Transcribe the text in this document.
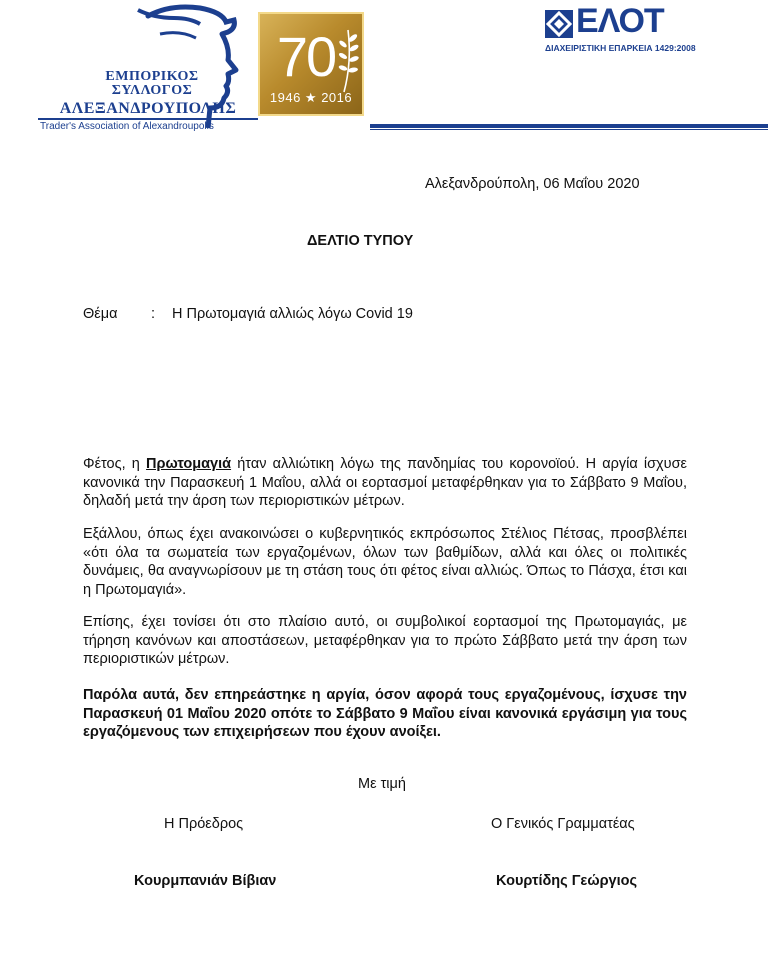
ΕΜΠΟΡΙΚΟΣ
ΣΥΛΛΟΓΟΣ
ΑΛΕΞΑΝΔΡΟΥΠΟΛΗΣ
Trader's Association of Alexandroupolis
70
1946 ★ 2016
ΕΛΟΤ
ΔΙΑΧΕΙΡΙΣΤΙΚΗ ΕΠΑΡΚΕΙΑ 1429:2008
Αλεξανδρούπολη, 06 Μαΐου 2020
ΔΕΛΤΙΟ ΤΥΠΟΥ
Θέμα : Η Πρωτομαγιά αλλιώς λόγω Covid 19

Φέτος, η Πρωτομαγιά ήταν αλλιώτικη λόγω της πανδημίας του κορονοϊού. Η αργία ίσχυσε κανονικά την Παρασκευή 1 Μαΐου, αλλά οι εορτασμοί μεταφέρθηκαν για το Σάββατο 9 Μαΐου, δηλαδή μετά την άρση των περιοριστικών μέτρων.

Εξάλλου, όπως έχει ανακοινώσει ο κυβερνητικός εκπρόσωπος Στέλιος Πέτσας, προσβλέπει «ότι όλα τα σωματεία των εργαζομένων, όλων των βαθμίδων, αλλά και όλες οι πολιτικές δυνάμεις, θα αναγνωρίσουν με τη στάση τους ότι φέτος είναι αλλιώς. Όπως το Πάσχα, έτσι και η Πρωτομαγιά».

Επίσης, έχει τονίσει ότι στο πλαίσιο αυτό, οι συμβολικοί εορτασμοί της Πρωτομαγιάς, με τήρηση κανόνων και αποστάσεων, μεταφέρθηκαν για το πρώτο Σάββατο μετά την άρση των περιοριστικών μέτρων.

Παρόλα αυτά, δεν επηρεάστηκε η αργία, όσον αφορά τους εργαζομένους, ίσχυσε την Παρασκευή 01 Μαΐου 2020 οπότε το Σάββατο 9 Μαΐου είναι κανονικά εργάσιμη για τους εργαζόμενους των επιχειρήσεων που έχουν ανοίξει.

Με τιμή
Η Πρόεδρος	Ο Γενικός Γραμματέας
Κουρμπανιάν Βίβιαν	Κουρτίδης Γεώργιος
